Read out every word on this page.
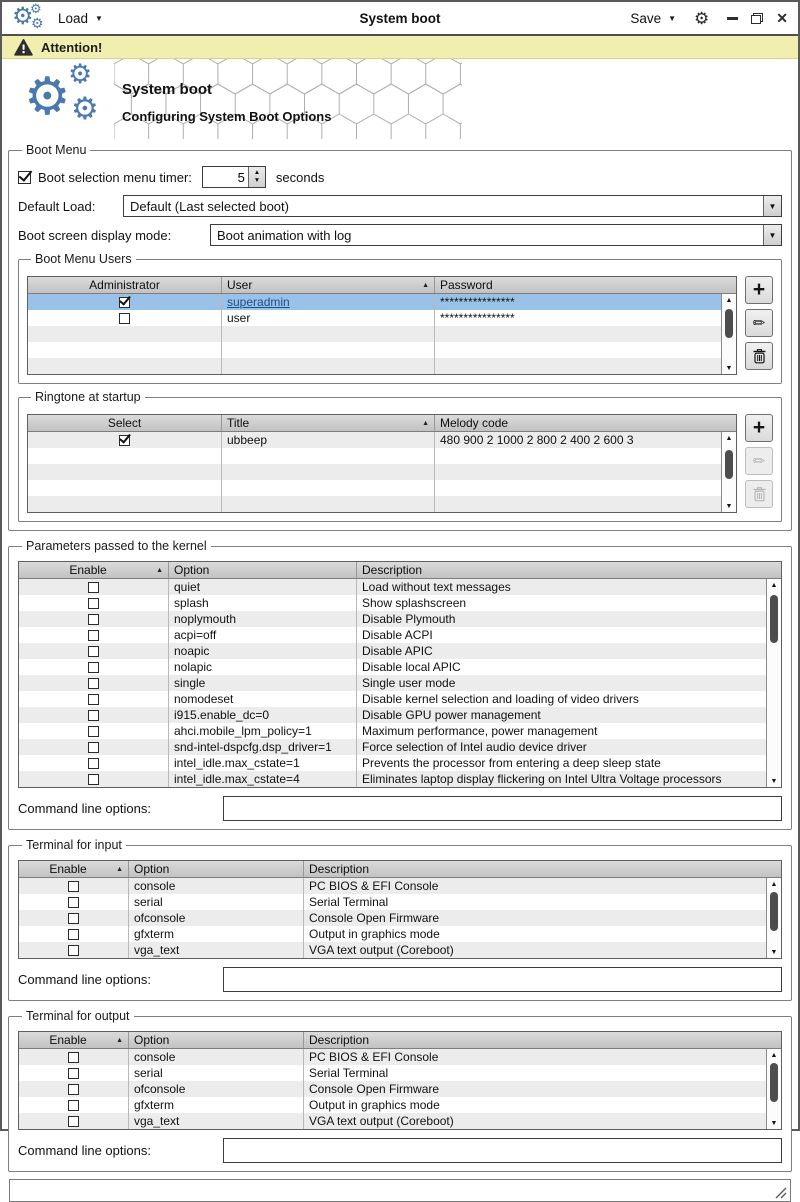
⚙
⚙
⚙ Load ▼	System boot	Save ▼ ⚙	✕
Attention!
⚙
⚙
⚙
System boot
Configuring System Boot Options
Boot Menu
Boot selection menu timer:
5	▲
▼ seconds
Default Load:	Default (Last selected boot)	▼
Boot screen display mode:	Boot animation with log	▼
Boot Menu Users
Administrator	User	▲ Password
superadmin	****************
user	****************
▲
▼
+
✏
Ringtone at startup
Select	Title	▲ Melody code
ubbeep	480 900 2 1000 2 800 2 400 2 600 3	▲
▼
+
✏
Parameters passed to the kernel
Enable	▲ Option	Description
quiet	Load without text messages
splash	Show splashscreen
noplymouth	Disable Plymouth
acpi=off	Disable ACPI
noapic	Disable APIC
nolapic	Disable local APIC
single	Single user mode
nomodeset	Disable kernel selection and loading of video drivers
i915.enable_dc=0	Disable GPU power management
ahci.mobile_lpm_policy=1	Maximum performance, power management
snd-intel-dspcfg.dsp_driver=1	Force selection of Intel audio device driver
intel_idle.max_cstate=1	Prevents the processor from entering a deep sleep state
intel_idle.max_cstate=4	Eliminates laptop display flickering on Intel Ultra Voltage processors
▲
▼
Command line options:
Terminal for input
Enable	▲ Option	Description
console	PC BIOS & EFI Console
serial	Serial Terminal
ofconsole	Console Open Firmware
gfxterm	Output in graphics mode
vga_text	VGA text output (Coreboot)
▲
▼
Command line options:
Terminal for output
Enable	▲ Option	Description
console	PC BIOS & EFI Console
serial	Serial Terminal
ofconsole	Console Open Firmware
gfxterm	Output in graphics mode
vga_text	VGA text output (Coreboot)
▲
▼
Command line options:
